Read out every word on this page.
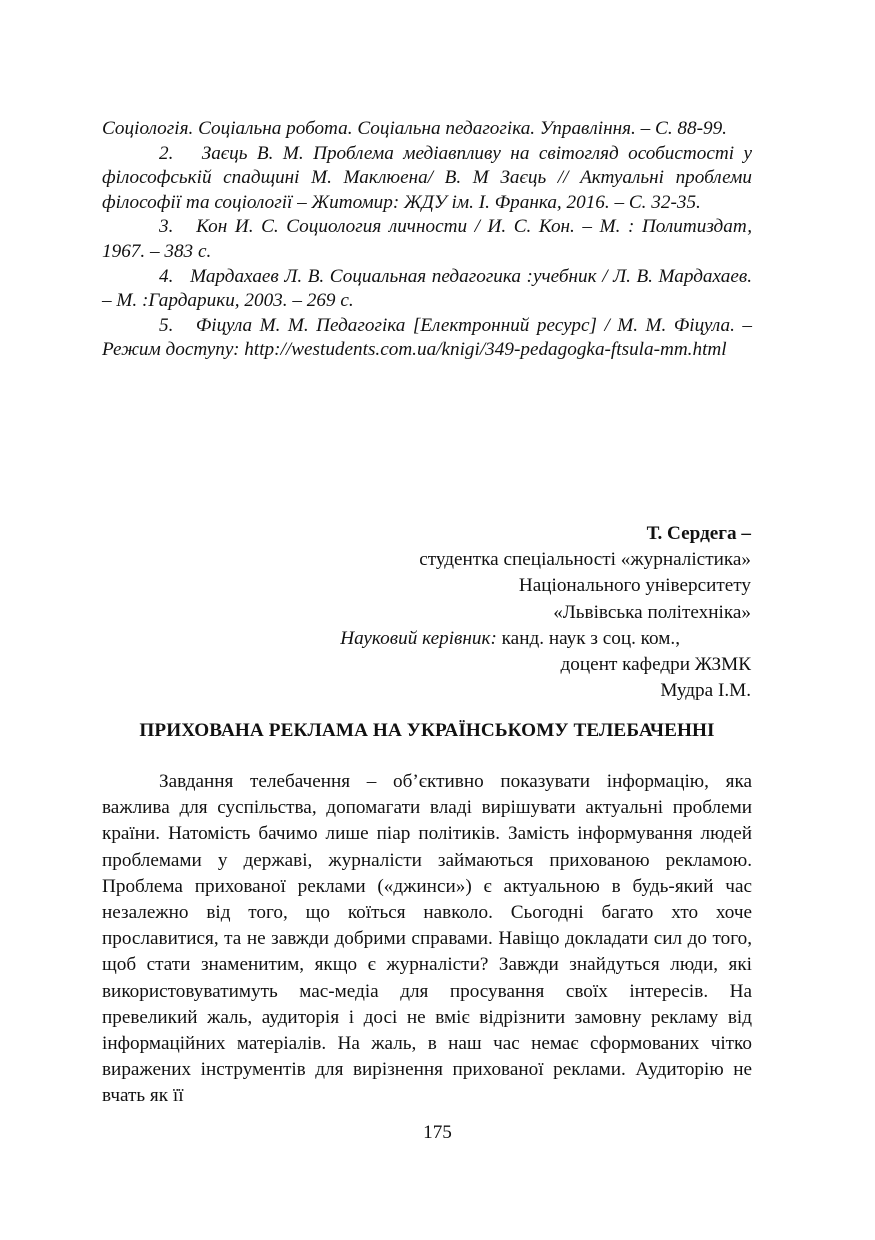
Соціологія. Соціальна робота. Соціальна педагогіка. Управління. – С. 88-99.

2.   Заєць В. М. Проблема медіавпливу на світогляд особистості у філософській спадщині М. Маклюена/ В. М Заєць // Актуальні проблеми філософії та соціології – Житомир: ЖДУ ім. І. Франка, 2016. – С. 32-35.

3.   Кон И. С. Социология личности / И. С. Кон. – М. : Политиздат, 1967. – 383 с.

4.   Мардахаев Л. В. Социальная педагогика :учебник / Л. В. Мардахаев. – М. :Гардарики, 2003. – 269 с.

5.   Фіцула М. М. Педагогіка [Електронний ресурс] / М. М. Фіцула. – Режим доступу: http://westudents.com.ua/knigi/349-pedagogka-ftsula-mm.html

Т. Сердега –
студентка спеціальності «журналістика»
Національного університету
«Львівська політехніка»
Науковий керівник: канд. наук з соц. ком.,
доцент кафедри ЖЗМК
Мудра І.М.
ПРИХОВАНА РЕКЛАМА НА УКРАЇНСЬКОМУ ТЕЛЕБАЧЕННІ

Завдання телебачення – об’єктивно показувати інформацію, яка важлива для суспільства, допомагати владі вирішувати актуальні проблеми країни. Натомість бачимо лише піар політиків. Замість інформування людей проблемами у державі, журналісти займаються прихованою рекламою. Проблема прихованої реклами («джинси») є актуальною в будь-який час незалежно від того, що коїться навколо. Сьогодні багато хто хоче прославитися, та не завжди добрими справами. Навіщо докладати сил до того, щоб стати знаменитим, якщо є журналісти? Завжди знайдуться люди, які використовуватимуть мас-медіа для просування своїх інтересів. На превеликий жаль, аудиторія і досі не вміє відрізнити замовну рекламу від інформаційних матеріалів. На жаль, в наш час немає сформованих чітко виражених інструментів для вирізнення прихованої реклами. Аудиторію не вчать як її

175
